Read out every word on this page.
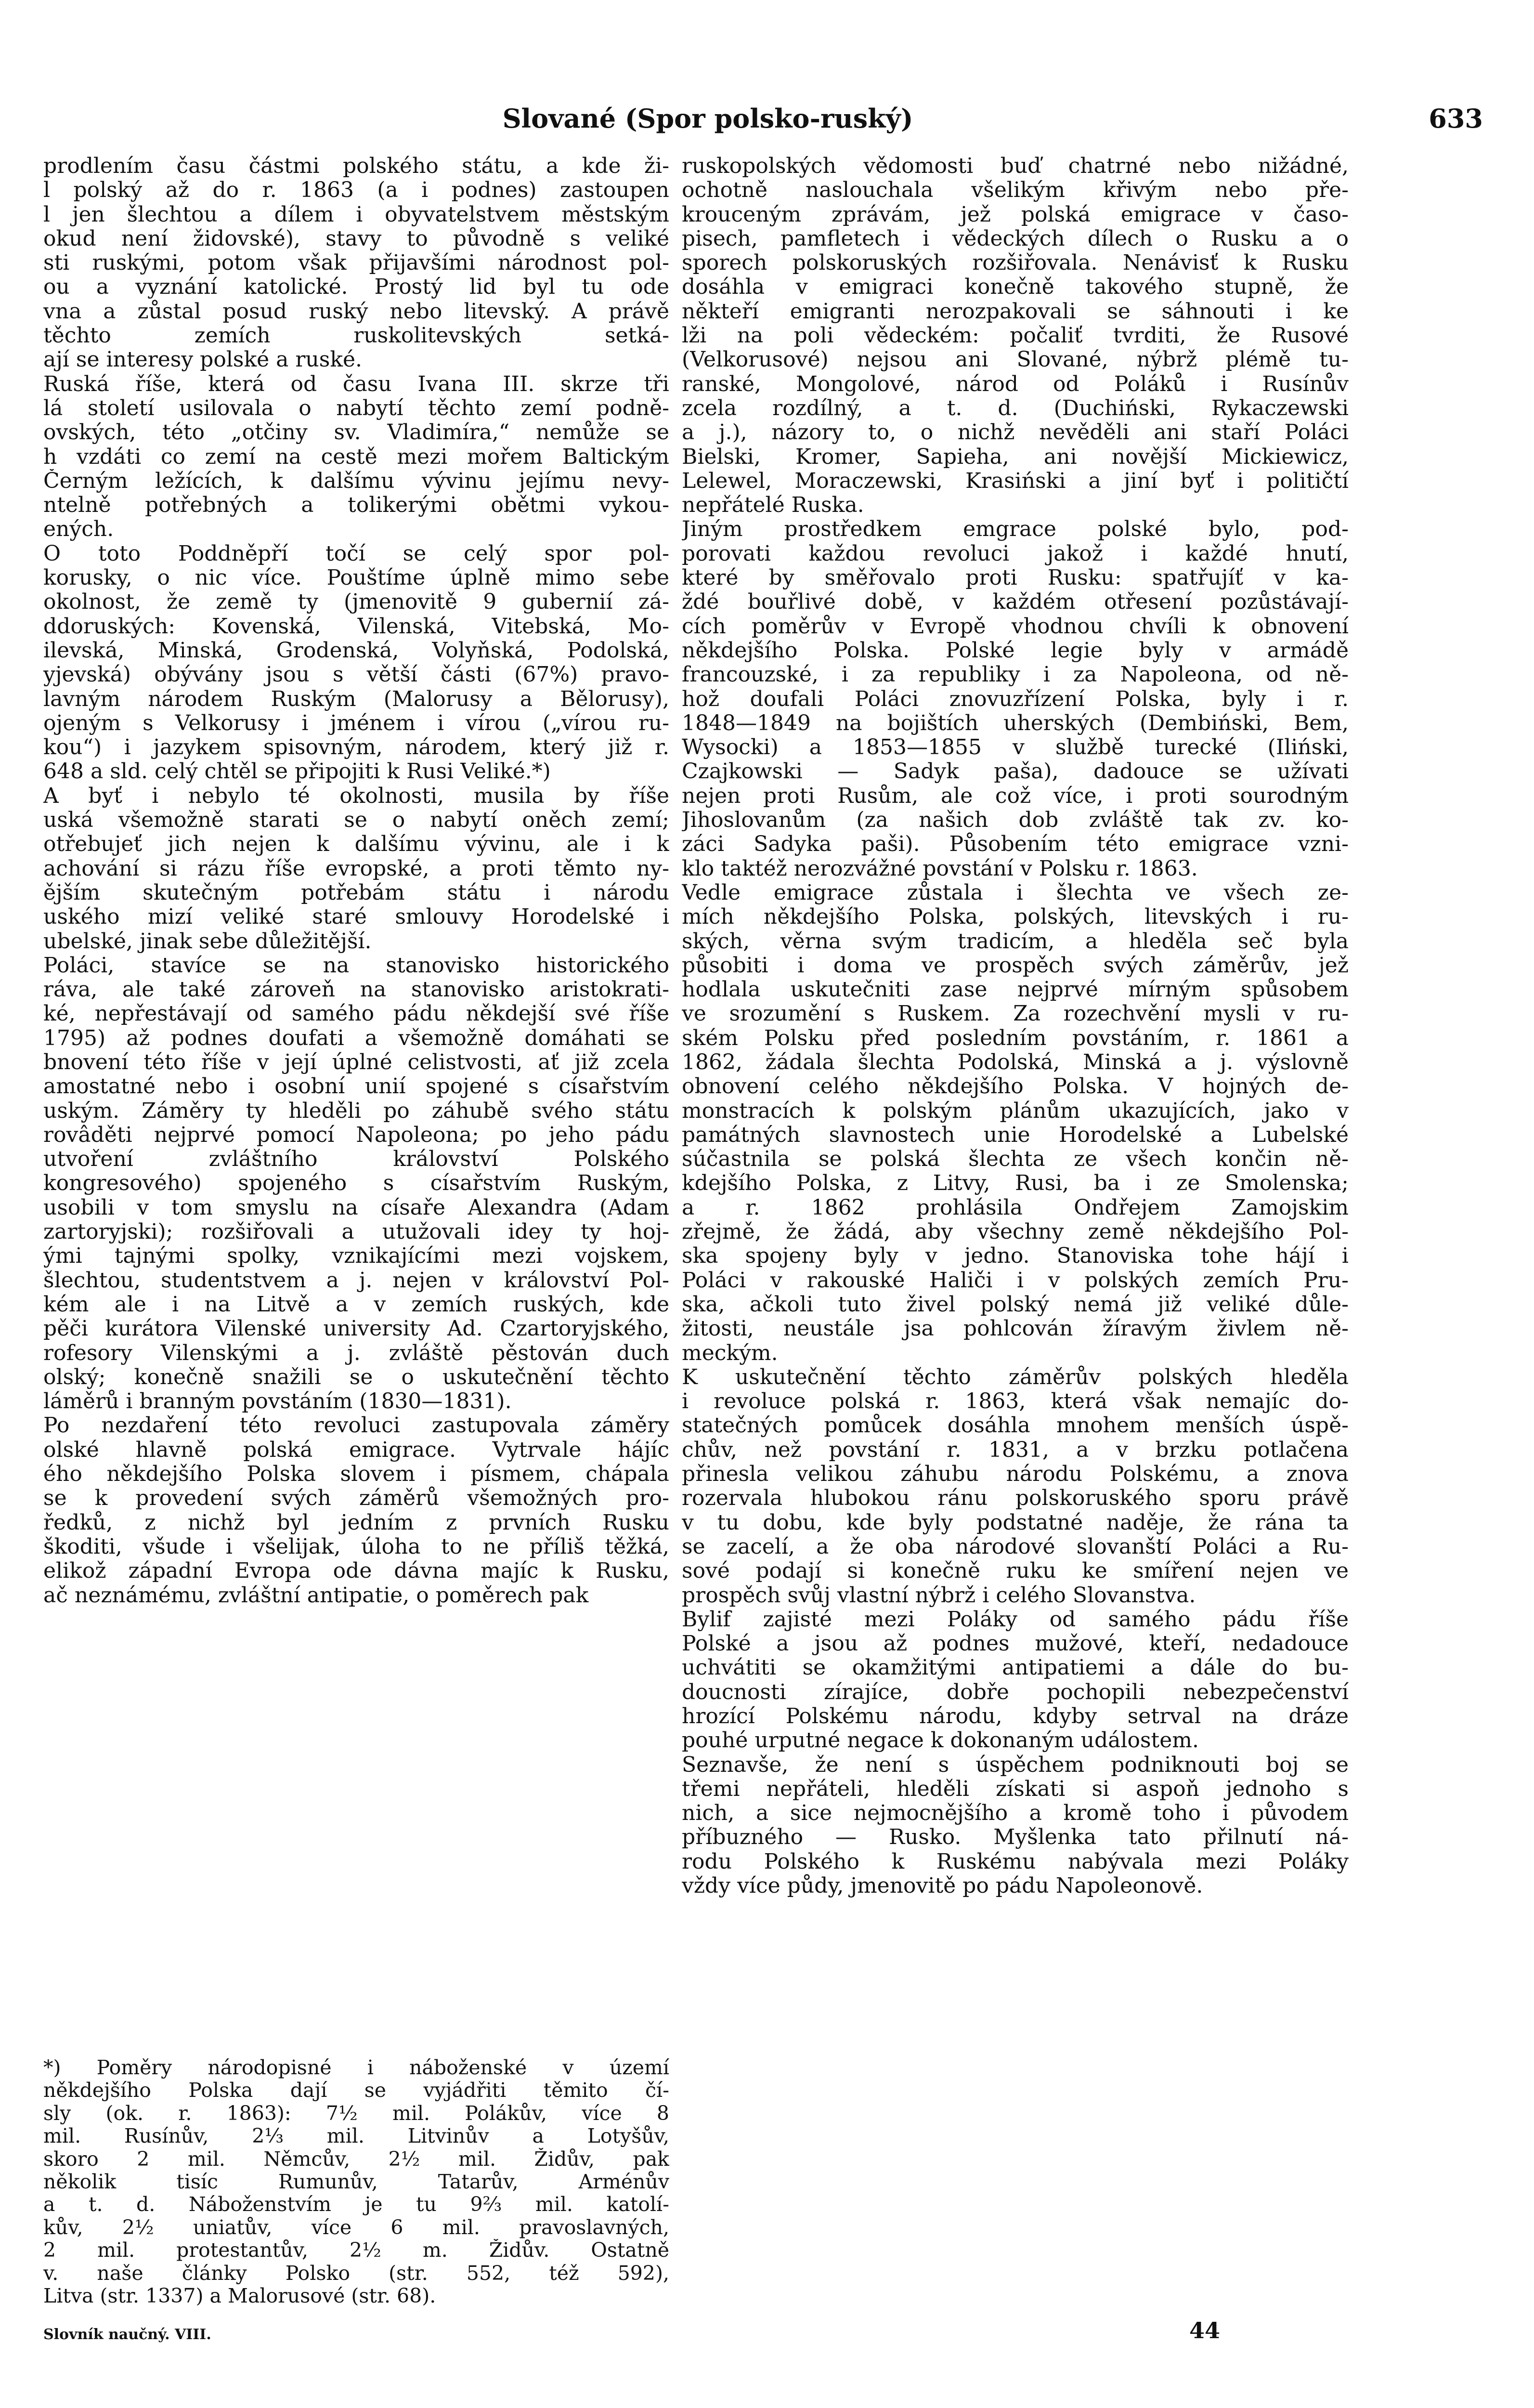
Slované (Spor polsko-ruský)	633
prodlením času částmi polského státu, a kde ži-
l polský až do r. 1863 (a i podnes) zastoupen
l jen šlechtou a dílem i obyvatelstvem městským
okud není židovské), stavy to původně s veliké
sti ruskými, potom však přijavšími národnost pol-
ou a vyznání katolické. Prostý lid byl tu ode
vna a zůstal posud ruský nebo litevský. A právě
těchto zemích ruskolitevských setká-
ají se interesy polské a ruské.
Ruská říše, která od času Ivana III. skrze tři
lá století usilovala o nabytí těchto zemí podně-
ovských, této „otčiny sv. Vladimíra,“ nemůže se
h vzdáti co zemí na cestě mezi mořem Baltickým
Černým ležících, k dalšímu vývinu jejímu nevy-
ntelně potřebných a tolikerými obětmi vykou-
ených.
O toto Poddněpří točí se celý spor pol-
korusky, o nic více. Pouštíme úplně mimo sebe
okolnost, že země ty (jmenovitě 9 gubernií zá-
ddoruských: Kovenská, Vilenská, Vitebská, Mo-
ilevská, Minská, Grodenská, Volyňská, Podolská,
yjevská) obývány jsou s větší části (67%) pravo-
lavným národem Ruským (Malorusy a Bělorusy),
ojeným s Velkorusy i jménem i vírou („vírou ru-
kou“) i jazykem spisovným, národem, který již r.
648 a sld. celý chtěl se připojiti k Rusi Veliké.*)
A byť i nebylo té okolnosti, musila by říše
uská všemožně starati se o nabytí oněch zemí;
otřebujeť jich nejen k dalšímu vývinu, ale i k
achování si rázu říše evropské, a proti těmto ny-
ějším skutečným potřebám státu i národu
uského mizí veliké staré smlouvy Horodelské i
ubelské, jinak sebe důležitější.
Poláci, stavíce se na stanovisko historického
ráva, ale také zároveň na stanovisko aristokrati-
ké, nepřestávají od samého pádu někdejší své říše
1795) až podnes doufati a všemožně domáhati se
bnovení této říše v její úplné celistvosti, ať již zcela
amostatné nebo i osobní unií spojené s císařstvím
uským. Záměry ty hleděli po záhubě svého státu
rovâděti nejprvé pomocí Napoleona; po jeho pádu
utvoření zvláštního království Polského
kongresového) spojeného s císařstvím Ruským,
usobili v tom smyslu na císaře Alexandra (Adam
zartoryjski); rozšiřovali a utužovali idey ty hoj-
ými tajnými spolky, vznikajícími mezi vojskem,
šlechtou, studentstvem a j. nejen v království Pol-
kém ale i na Litvě a v zemích ruských, kde
pěči kurátora Vilenské university Ad. Czartoryjského,
rofesory Vilenskými a j. zvláště pěstován duch
olský; konečně snažili se o uskutečnění těchto
láměrů i branným povstáním (1830—1831).
Po nezdaření této revoluci zastupovala záměry
olské hlavně polská emigrace. Vytrvale hájíc
ého někdejšího Polska slovem i písmem, chápala
se k provedení svých záměrů všemožných pro-
ředků, z nichž byl jedním z prvních Rusku
škoditi, všude i všelijak, úloha to ne příliš těžká,
elikož západní Evropa ode dávna majíc k Rusku,
ač neznámému, zvláštní antipatie, o poměrech pak
ruskopolských vědomosti buď chatrné nebo nižádné,
ochotně naslouchala všelikým křivým nebo pře-
krouceným zprávám, jež polská emigrace v časo-
pisech, pamfletech i vědeckých dílech o Rusku a o
sporech polskoruských rozšiřovala. Nenávisť k Rusku
dosáhla v emigraci konečně takového stupně, že
někteří emigranti nerozpakovali se sáhnouti i ke
lži na poli vědeckém: počaliť tvrditi, že Rusové
(Velkorusové) nejsou ani Slované, nýbrž plémě tu-
ranské, Mongolové, národ od Poláků i Rusínův
zcela rozdílný, a t. d. (Duchiński, Rykaczewski
a j.), názory to, o nichž nevěděli ani staří Poláci
Bielski, Kromer, Sapieha, ani novější Mickiewicz,
Lelewel, Moraczewski, Krasiński a jiní byť i političtí
nepřátelé Ruska.
Jiným prostředkem emgrace polské bylo, pod-
porovati každou revoluci jakož i každé hnutí,
které by směřovalo proti Rusku: spatřujíť v ka-
ždé bouřlivé době, v každém otřesení pozůstávají-
cích poměrův v Evropě vhodnou chvíli k obnovení
někdejšího Polska. Polské legie byly v armádě
francouzské, i za republiky i za Napoleona, od ně-
hož doufali Poláci znovuzřízení Polska, byly i r.
1848—1849 na bojištích uherských (Dembiński, Bem,
Wysocki) a 1853—1855 v službě turecké (Iliński,
Czajkowski — Sadyk paša), dadouce se užívati
nejen proti Rusům, ale což více, i proti sourodným
Jihoslovanům (za našich dob zvláště tak zv. ko-
záci Sadyka paši). Působením této emigrace vzni-
klo taktéž nerozvážné povstání v Polsku r. 1863.
Vedle emigrace zůstala i šlechta ve všech ze-
mích někdejšího Polska, polských, litevských i ru-
ských, věrna svým tradicím, a hleděla seč byla
působiti i doma ve prospěch svých záměrův, jež
hodlala uskutečniti zase nejprvé mírným spůsobem
ve srozumění s Ruskem. Za rozechvění mysli v ru-
ském Polsku před posledním povstáním, r. 1861 a
1862, žádala šlechta Podolská, Minská a j. výslovně
obnovení celého někdejšího Polska. V hojných de-
monstracích k polským plánům ukazujících, jako v
památných slavnostech unie Horodelské a Lubelské
súčastnila se polská šlechta ze všech končin ně-
kdejšího Polska, z Litvy, Rusi, ba i ze Smolenska;
a r. 1862 prohlásila Ondřejem Zamojskim
zřejmě, že žádá, aby všechny země někdejšího Pol-
ska spojeny byly v jedno. Stanoviska tohe hájí i
Poláci v rakouské Haliči i v polských zemích Pru-
ska, ačkoli tuto živel polský nemá již veliké důle-
žitosti, neustále jsa pohlcován žíravým živlem ně-
meckým.
K uskutečnění těchto záměrův polských hleděla
i revoluce polská r. 1863, která však nemajíc do-
statečných pomůcek dosáhla mnohem menších úspě-
chův, než povstání r. 1831, a v brzku potlačena
přinesla velikou záhubu národu Polskému, a znova
rozervala hlubokou ránu polskoruského sporu právě
v tu dobu, kde byly podstatné naděje, že rána ta
se zacelí, a že oba národové slovanští Poláci a Ru-
sové podají si konečně ruku ke smíření nejen ve
prospěch svůj vlastní nýbrž i celého Slovanstva.
Bylif zajisté mezi Poláky od samého pádu říše
Polské a jsou až podnes mužové, kteří, nedadouce
uchvátiti se okamžitými antipatiemi a dále do bu-
doucnosti zírajíce, dobře pochopili nebezpečenství
hrozící Polskému národu, kdyby setrval na dráze
pouhé urputné negace k dokonaným událostem.
Seznavše, že není s úspěchem podniknouti boj se
třemi nepřáteli, hleděli získati si aspoň jednoho s
nich, a sice nejmocnějšího a kromě toho i původem
příbuzného — Rusko. Myšlenka tato přilnutí ná-
rodu Polského k Ruskému nabývala mezi Poláky
vždy více půdy, jmenovitě po pádu Napoleonově.
*) Poměry národopisné i náboženské v území
někdejšího Polska dají se vyjádřiti těmito čí-
sly (ok. r. 1863): 7½ mil. Polákův, více 8
mil. Rusínův, 2⅓ mil. Litvinův a Lotyšův,
skoro 2 mil. Němcův, 2½ mil. Židův, pak
několik tisíc Rumunův, Tatarův, Arménův
a t. d. Náboženstvím je tu 9⅔ mil. katolí-
kův, 2½ uniatův, více 6 mil. pravoslavných,
2 mil. protestantův, 2½ m. Židův. Ostatně
v. naše články Polsko (str. 552, též 592),
Litva (str. 1337) a Malorusové (str. 68).
Slovník naučný. VIII.	44
